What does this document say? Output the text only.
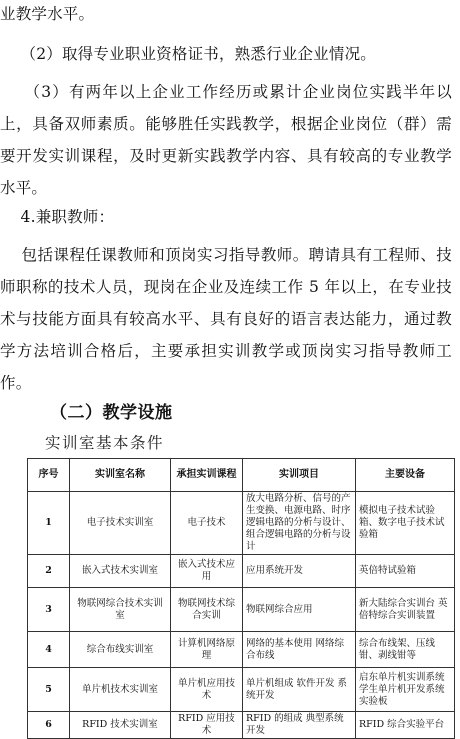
业教学水平。

（2）取得专业职业资格证书，熟悉行业企业情况。

（3）有两年以上企业工作经历或累计企业岗位实践半年以上，具备双师素质。能够胜任实践教学，根据企业岗位（群）需要开发实训课程，及时更新实践教学内容、具有较高的专业教学水平。

4.兼职教师：

包括课程任课教师和顶岗实习指导教师。聘请具有工程师、技师职称的技术人员，现岗在企业及连续工作 5 年以上，在专业技术与技能方面具有较高水平、具有良好的语言表达能力，通过教学方法培训合格后，主要承担实训教学或顶岗实习指导教师工作。

（二）教学设施

实训室基本条件

序号	实训室名称	承担实训课程	实训项目	主要设备
1	电子技术实训室	电子技术	放大电路分析、信号的产生变换、电源电路、时序逻辑电路的分析与设计、组合逻辑电路的分析与设计	模拟电子技术试验箱、数字电子技术试验箱
2	嵌入式技术实训室	嵌入式技术应用	应用系统开发	英倍特试验箱
3	物联网综合技术实训室	物联网技术综合实训	物联网综合应用	新大陆综合实训台 英倍特综合实训装置
4	综合布线实训室	计算机网络原理	网络的基本使用 网络综合布线	综合布线架、压线钳、剥线钳等
5	单片机技术实训室	单片机应用技术	单片机组成 软件开发 系统开发	启东单片机实训系统 学生单片机开发系统实验板
6	RFID 技术实训室	RFID 应用技术	RFID 的组成 典型系统开发	RFID 综合实验平台
